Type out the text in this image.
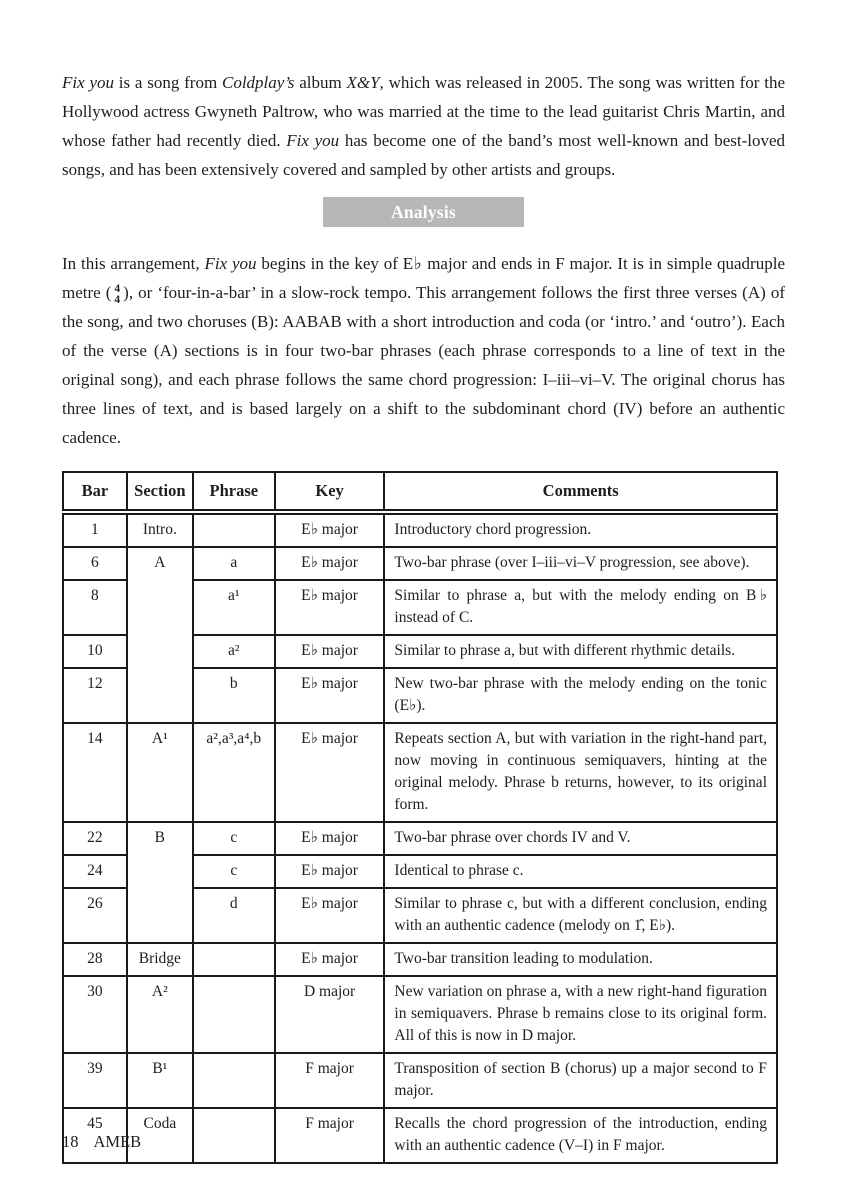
Fix you is a song from Coldplay’s album X&Y, which was released in 2005. The song was written for the Hollywood actress Gwyneth Paltrow, who was married at the time to the lead guitarist Chris Martin, and whose father had recently died. Fix you has become one of the band’s most well-known and best-loved songs, and has been extensively covered and sampled by other artists and groups.

Analysis

In this arrangement, Fix you begins in the key of E♭ major and ends in F major. It is in simple quadruple metre ( 4
4 ), or ‘four-in-a-bar’ in a slow-rock tempo. This arrangement follows the first three verses (A) of the song, and two choruses (B): AABAB with a short introduction and coda (or ‘intro.’ and ‘outro’). Each of the verse (A) sections is in four two-bar phrases (each phrase corresponds to a line of text in the original song), and each phrase follows the same chord progression: I–iii–vi–V. The original chorus has three lines of text, and is based largely on a shift to the subdominant chord (IV) before an authentic cadence.

Bar	Section	Phrase	Key	Comments
1	Intro.		E♭ major	Introductory chord progression.
6	A	a	E♭ major	Two-bar phrase (over I–iii–vi–V progression, see above).
8		a¹	E♭ major	Similar to phrase a, but with the melody ending on B♭ instead of C.
10		a²	E♭ major	Similar to phrase a, but with different rhythmic details.
12		b	E♭ major	New two-bar phrase with the melody ending on the tonic (E♭).
14	A¹	a²,a³,a⁴,b	E♭ major	Repeats section A, but with variation in the right-hand part, now moving in continuous semiquavers, hinting at the original melody. Phrase b returns, however, to its original form.
22	B	c	E♭ major	Two-bar phrase over chords IV and V.
24		c	E♭ major	Identical to phrase c.
26		d	E♭ major	Similar to phrase c, but with a different conclusion, ending with an authentic cadence (melody on 1̂, E♭).
28	Bridge		E♭ major	Two-bar transition leading to modulation.
30	A²		D major	New variation on phrase a, with a new right-hand figuration in semiquavers. Phrase b remains close to its original form. All of this is now in D major.
39	B¹		F major	Transposition of section B (chorus) up a major second to F major.
45	Coda		F major	Recalls the chord progression of the introduction, ending with an authentic cadence (V–I) in F major.
18 AMEB
